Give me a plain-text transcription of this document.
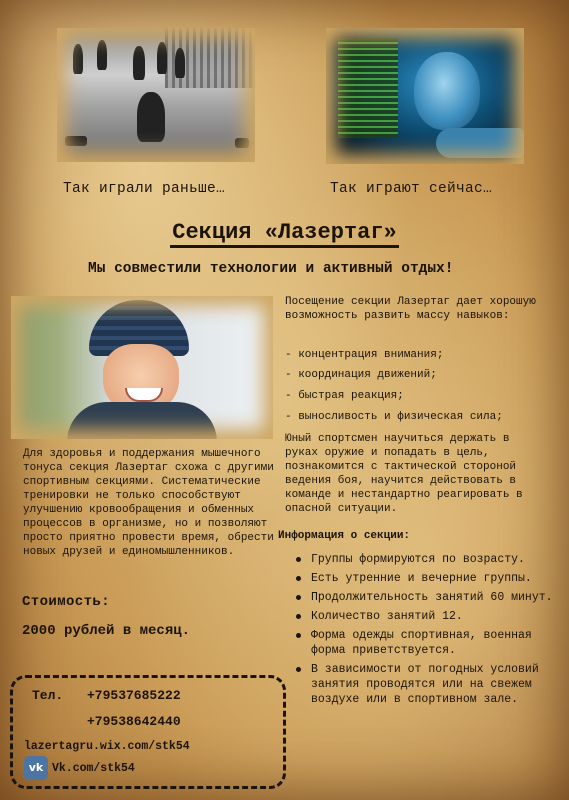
Так играли раньше…	Так играют сейчас…
Секция «Лазертаг»
Мы совместили технологии и активный отдых!

Посещение секции Лазертаг дает хорошую возможность развить массу навыков:

- концентрация внимания;
- координация движений;
- быстрая реакция;
- выносливость и физическая сила;

Юный спортсмен научиться держать в руках оружие и попадать в цель, познакомится с тактической стороной ведения боя, научится действовать в команде и нестандартно реагировать в опасной ситуации.

Информация о секции:
Группы формируются по возрасту.
Есть утренние и вечерние группы.
Продолжительность занятий 60 минут.
Количество занятий 12.
Форма одежды спортивная, военная форма приветствуется.
В зависимости от погодных условий занятия проводятся или на свежем воздухе или в спортивном зале.

Для здоровья и поддержания мышечного тонуса секция Лазертаг схожа с другими спортивным секциями. Систематические тренировки не только способствуют улучшению кровообращения и обменных процессов в организме, но и позволяют просто приятно провести время, обрести новых друзей и единомышленников.

Стоимость:
2000 рублей в месяц.
Тел. +79537685222
+79538642440
lazertagru.wix.com/stk54
vk Vk.com/stk54
